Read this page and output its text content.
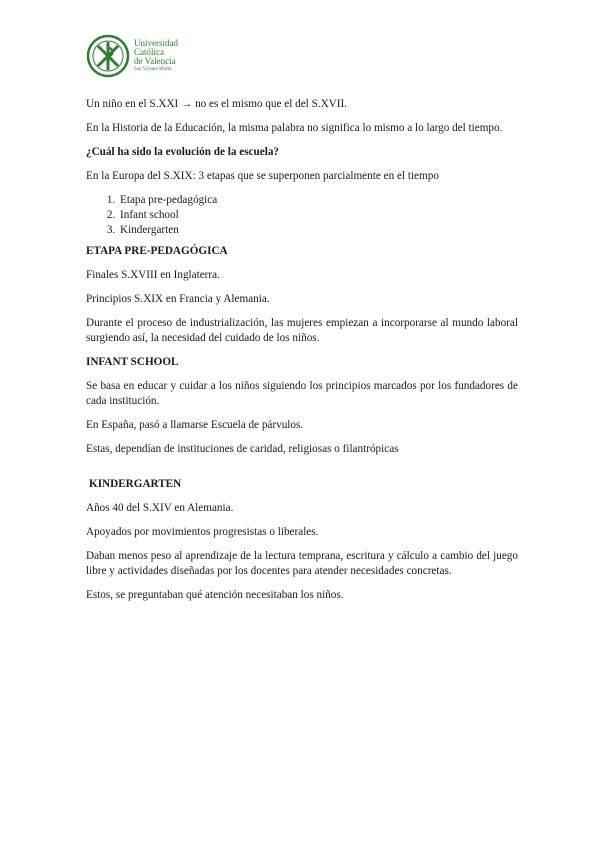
Universidad
Católica
de Valencia
San Vicente Mártir

Un niño en el S.XXI → no es el mismo que el del S.XVII.

En la Historia de la Educación, la misma palabra no significa lo mismo a lo largo del tiempo.

¿Cuál ha sido la evolución de la escuela?

En la Europa del S.XIX: 3 etapas que se superponen parcialmente en el tiempo

1. Etapa pre-pedagógica
2. Infant school
3. Kindergarten
ETAPA PRE-PEDAGÓGICA

Finales S.XVIII en Inglaterra.

Principios S.XIX en Francia y Alemania.

Durante el proceso de industrialización, las mujeres empiezan a incorporarse al mundo laboral surgiendo así, la necesidad del cuidado de los niños.

INFANT SCHOOL

Se basa en educar y cuidar a los niños siguiendo los principios marcados por los fundadores de cada institución.

En España, pasó a llamarse Escuela de párvulos.

Estas, dependían de instituciones de caridad, religiosas o filantrópicas

KINDERGARTEN

Años 40 del S.XIV en Alemania.

Apoyados por movimientos progresistas o liberales.

Daban menos peso al aprendizaje de la lectura temprana, escritura y cálculo a cambio del juego libre y actividades diseñadas por los docentes para atender necesidades concretas.

Estos, se preguntaban qué atención necesitaban los niños.
